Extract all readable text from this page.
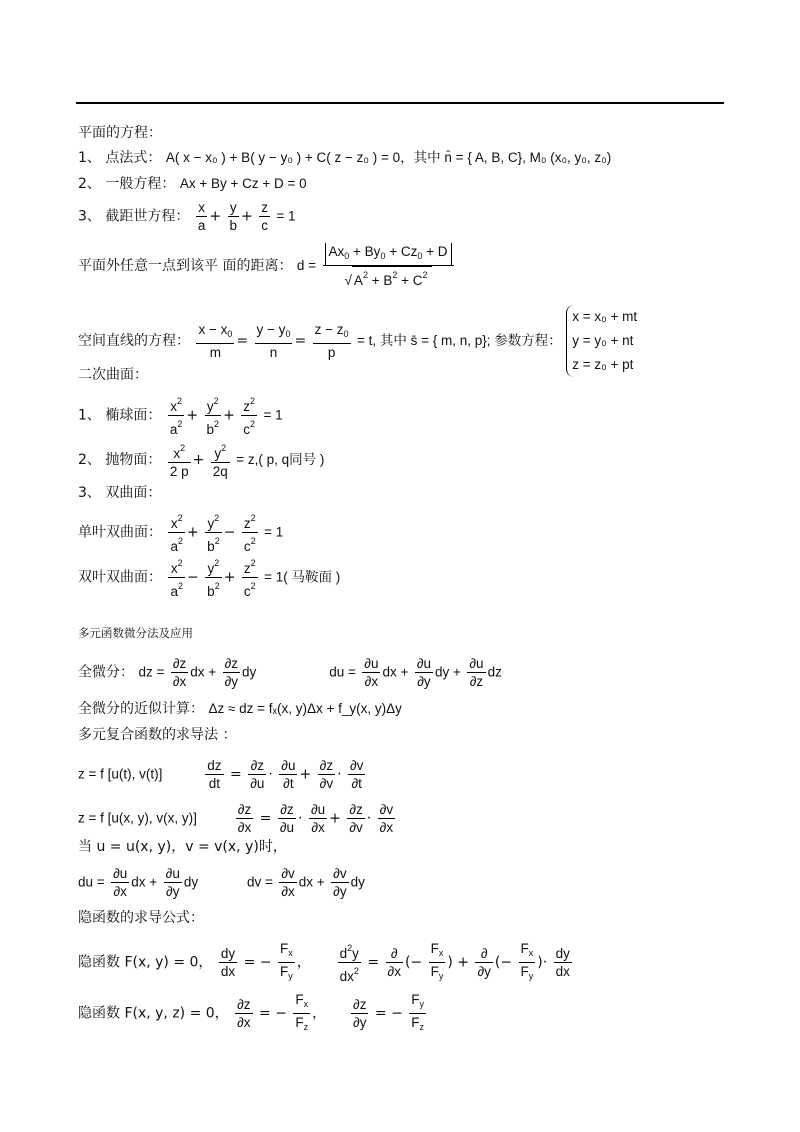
平面的方程：
1、 点法式： A( x − x₀ ) + B( y − y₀ ) + C( z − z₀ ) = 0，其中 n̄ = { A, B, C}, M₀ (x₀, y₀, z₀)
2、 一般方程： Ax + By + Cz + D = 0
3、 截距世方程： $\frac{x}{a} + \frac{y}{b} + \frac{z}{c} = 1$
平面外任意一点到该平 面的距离： $d = \frac{Ax_0 + By_0 + Cz_0 + D}{√ A^2 + B^2 + C^2}$
空间直线的方程： $\frac{x - x_0}{m} = \frac{y - y_0}{n} = \frac{z - z_0}{p} = t$, 其中 s̄ = { m, n, p}; 参数方程：
x = x₀ + mt
y = y₀ + nt
z = z₀ + pt
二次曲面：
1、 椭球面： $\frac{x^2}{a^2} + \frac{y^2}{b^2} + \frac{z^2}{c^2} = 1$
2、 抛物面： $\frac{x^2}{2 p} + \frac{y^2}{2q} = z$,( p, q同号 )
3、 双曲面：
单叶双曲面： $\frac{x^2}{a^2} + \frac{y^2}{b^2} - \frac{z^2}{c^2} = 1$
双叶双曲面： $\frac{x^2}{a^2} - \frac{y^2}{b^2} + \frac{z^2}{c^2} = 1$( 马鞍面 )
多元函数微分法及应用
全微分： dz = $\frac{\partial z}{\partial x}$ dx + $\frac{\partial z}{\partial y}$ dy	du = $\frac{\partial u}{\partial x}$ dx + $\frac{\partial u}{\partial y}$ dy + $\frac{\partial u}{\partial z}$ dz
全微分的近似计算： Δz ≈ dz = fₓ(x, y)Δx + f_y(x, y)Δy
多元复合函数的求导法 ：
z = f [u(t), v(t)]	$\frac{dz}{dt} = \frac{\partial z}{\partial u} \cdot \frac{\partial u}{\partial t} + \frac{\partial z}{\partial v} \cdot \frac{\partial v}{\partial t}$
z = f [u(x, y), v(x, y)]	$\frac{\partial z}{\partial x} = \frac{\partial z}{\partial u} \cdot \frac{\partial u}{\partial x} + \frac{\partial z}{\partial v} \cdot \frac{\partial v}{\partial x}$
当 u = u(x, y)，v = v(x, y)时，
du = $\frac{\partial u}{\partial x}$ dx + $\frac{\partial u}{\partial y}$ dy	dv = $\frac{\partial v}{\partial x}$ dx + $\frac{\partial v}{\partial y}$ dy
隐函数的求导公式：
隐函数 F(x, y) = 0， $\frac{dy}{dx}$ = − $\frac{F_x}{F_y}$ ， $\frac{d^2y}{dx^2} = \frac{\partial}{\partial x}$ (− $\frac{F_x}{F_y}$ ) + $\frac{\partial}{\partial y}$ (− $\frac{F_x}{F_y}$ )· $\frac{dy}{dx}$
隐函数 F(x, y, z) = 0， $\frac{\partial z}{\partial x}$ = − $\frac{F_x}{F_z}$ ， $\frac{\partial z}{\partial y}$ = − $\frac{F_y}{F_z}$
